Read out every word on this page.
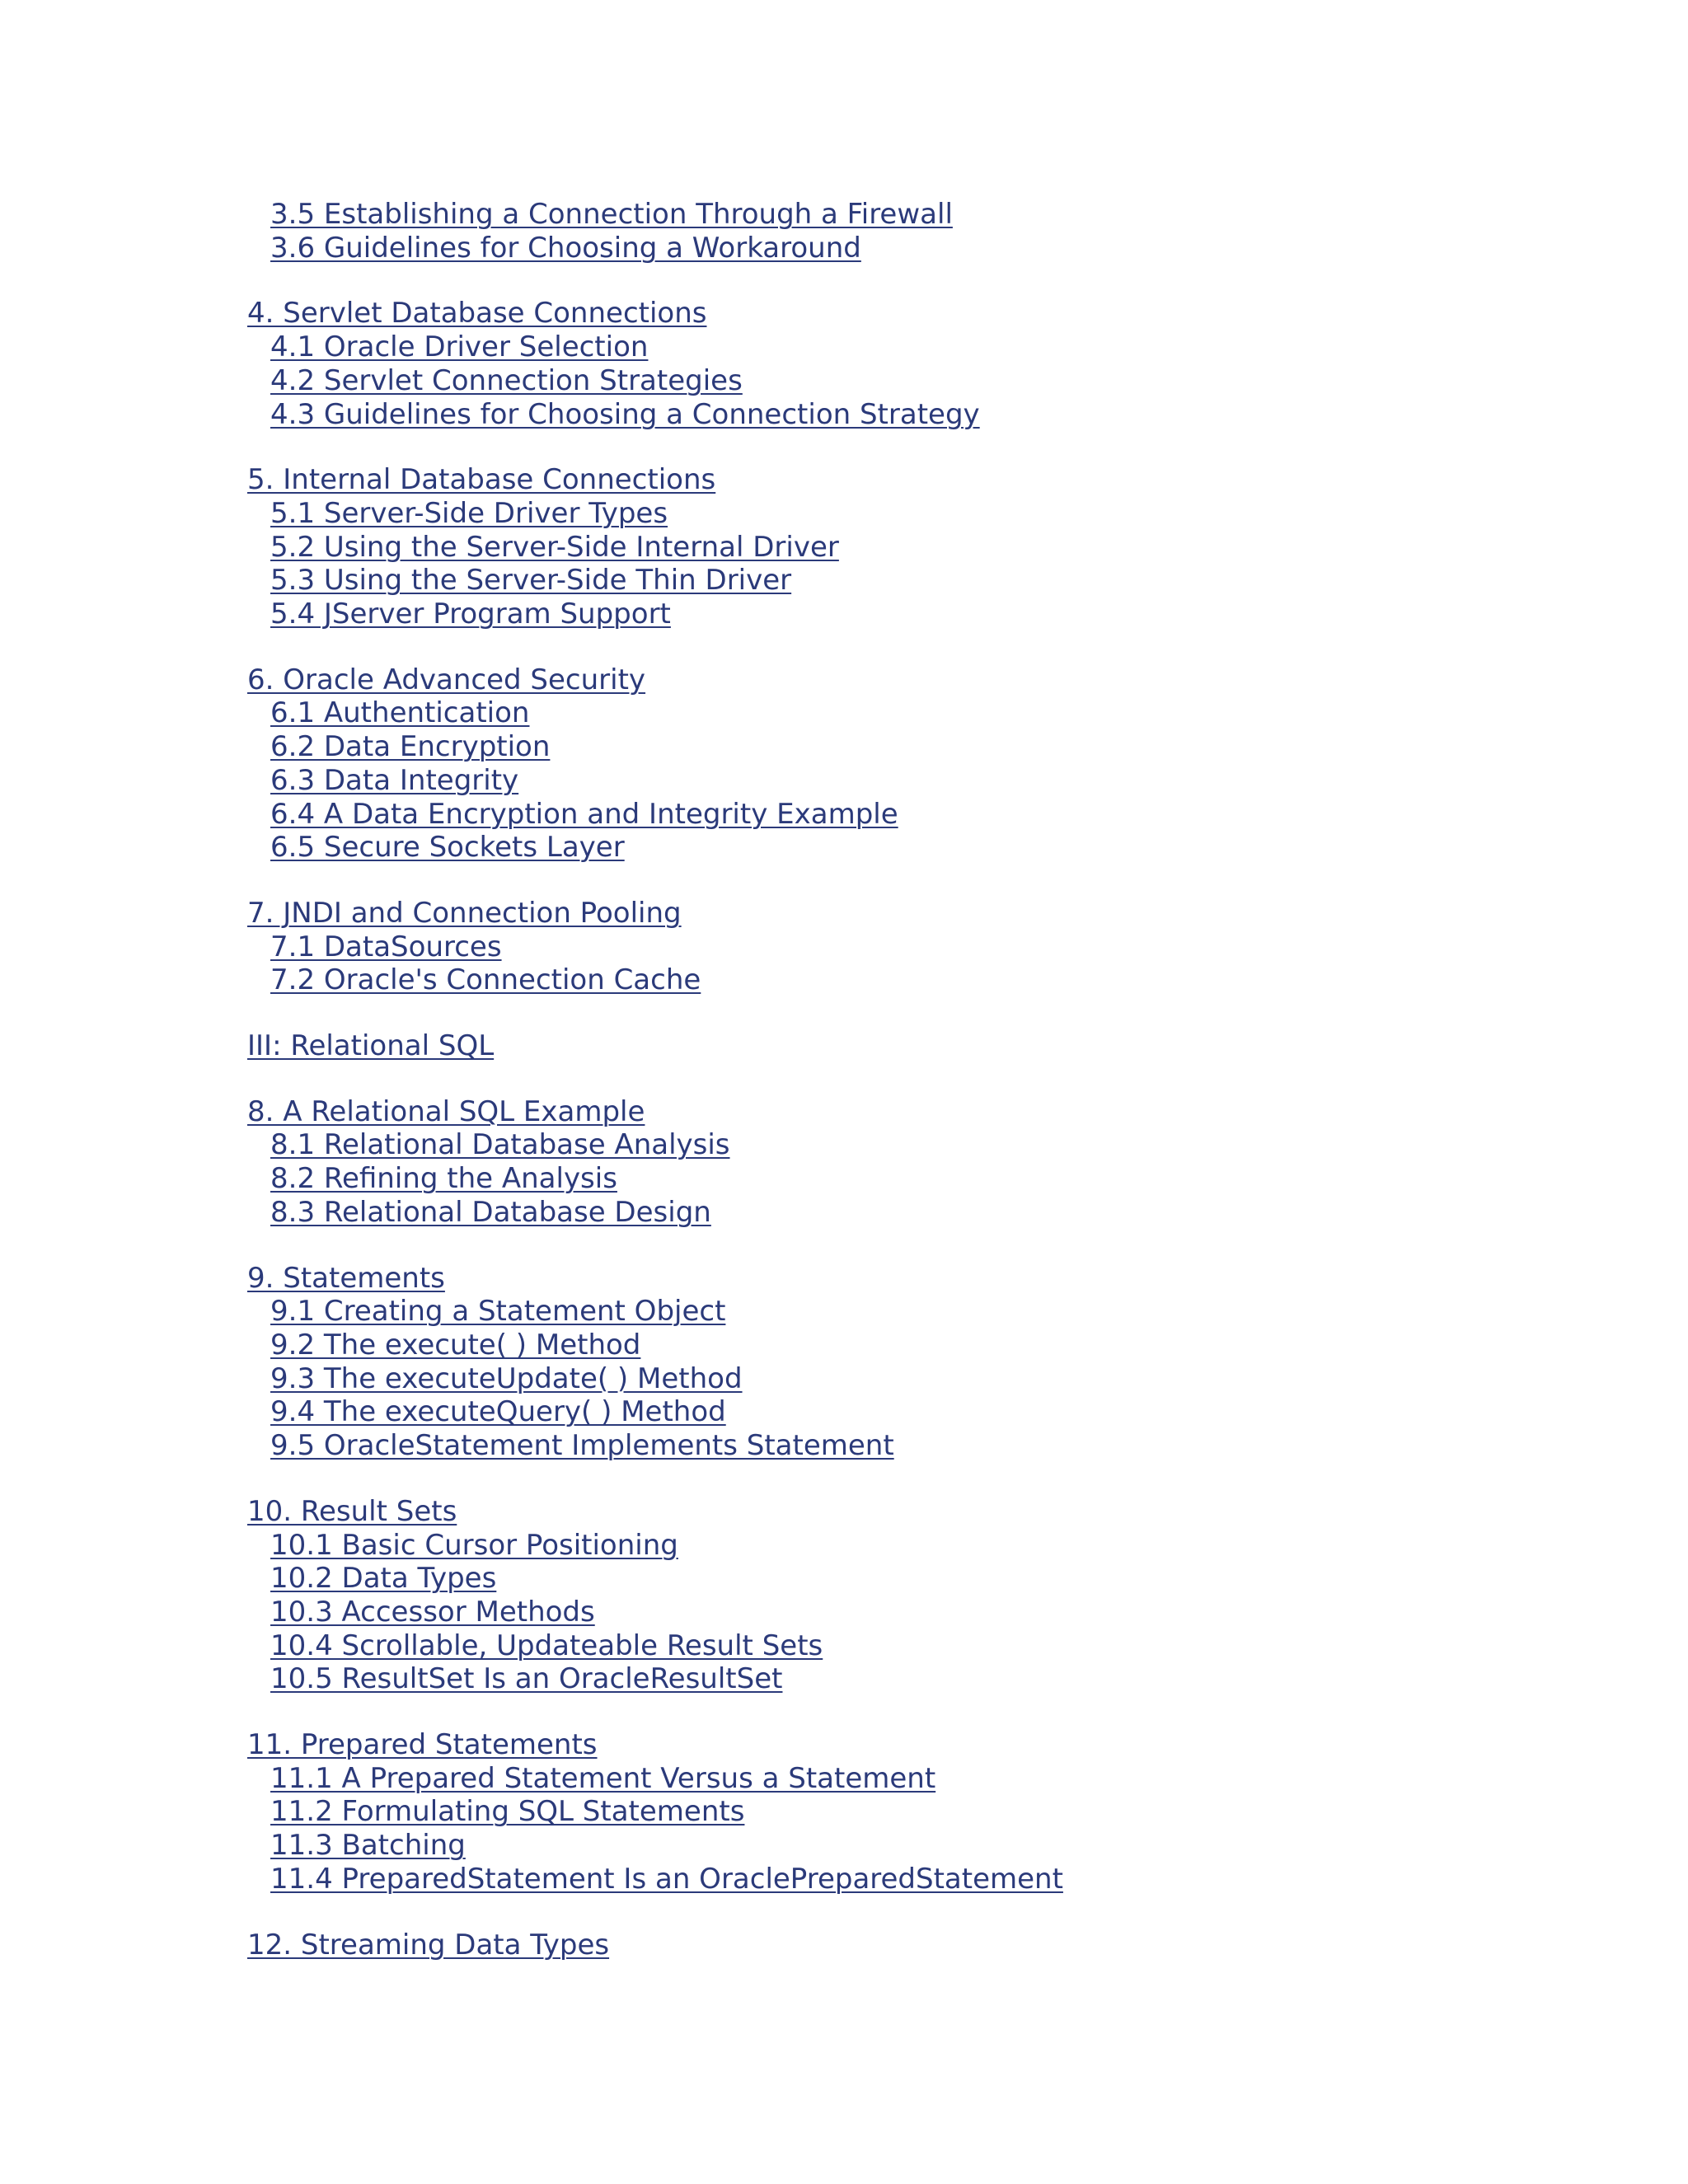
3.5 Establishing a Connection Through a Firewall
3.6 Guidelines for Choosing a Workaround
4. Servlet Database Connections
4.1 Oracle Driver Selection
4.2 Servlet Connection Strategies
4.3 Guidelines for Choosing a Connection Strategy
5. Internal Database Connections
5.1 Server-Side Driver Types
5.2 Using the Server-Side Internal Driver
5.3 Using the Server-Side Thin Driver
5.4 JServer Program Support
6. Oracle Advanced Security
6.1 Authentication
6.2 Data Encryption
6.3 Data Integrity
6.4 A Data Encryption and Integrity Example
6.5 Secure Sockets Layer
7. JNDI and Connection Pooling
7.1 DataSources
7.2 Oracle's Connection Cache
III: Relational SQL
8. A Relational SQL Example
8.1 Relational Database Analysis
8.2 Refining the Analysis
8.3 Relational Database Design
9. Statements
9.1 Creating a Statement Object
9.2 The execute( ) Method
9.3 The executeUpdate( ) Method
9.4 The executeQuery( ) Method
9.5 OracleStatement Implements Statement
10. Result Sets
10.1 Basic Cursor Positioning
10.2 Data Types
10.3 Accessor Methods
10.4 Scrollable, Updateable Result Sets
10.5 ResultSet Is an OracleResultSet
11. Prepared Statements
11.1 A Prepared Statement Versus a Statement
11.2 Formulating SQL Statements
11.3 Batching
11.4 PreparedStatement Is an OraclePreparedStatement
12. Streaming Data Types
